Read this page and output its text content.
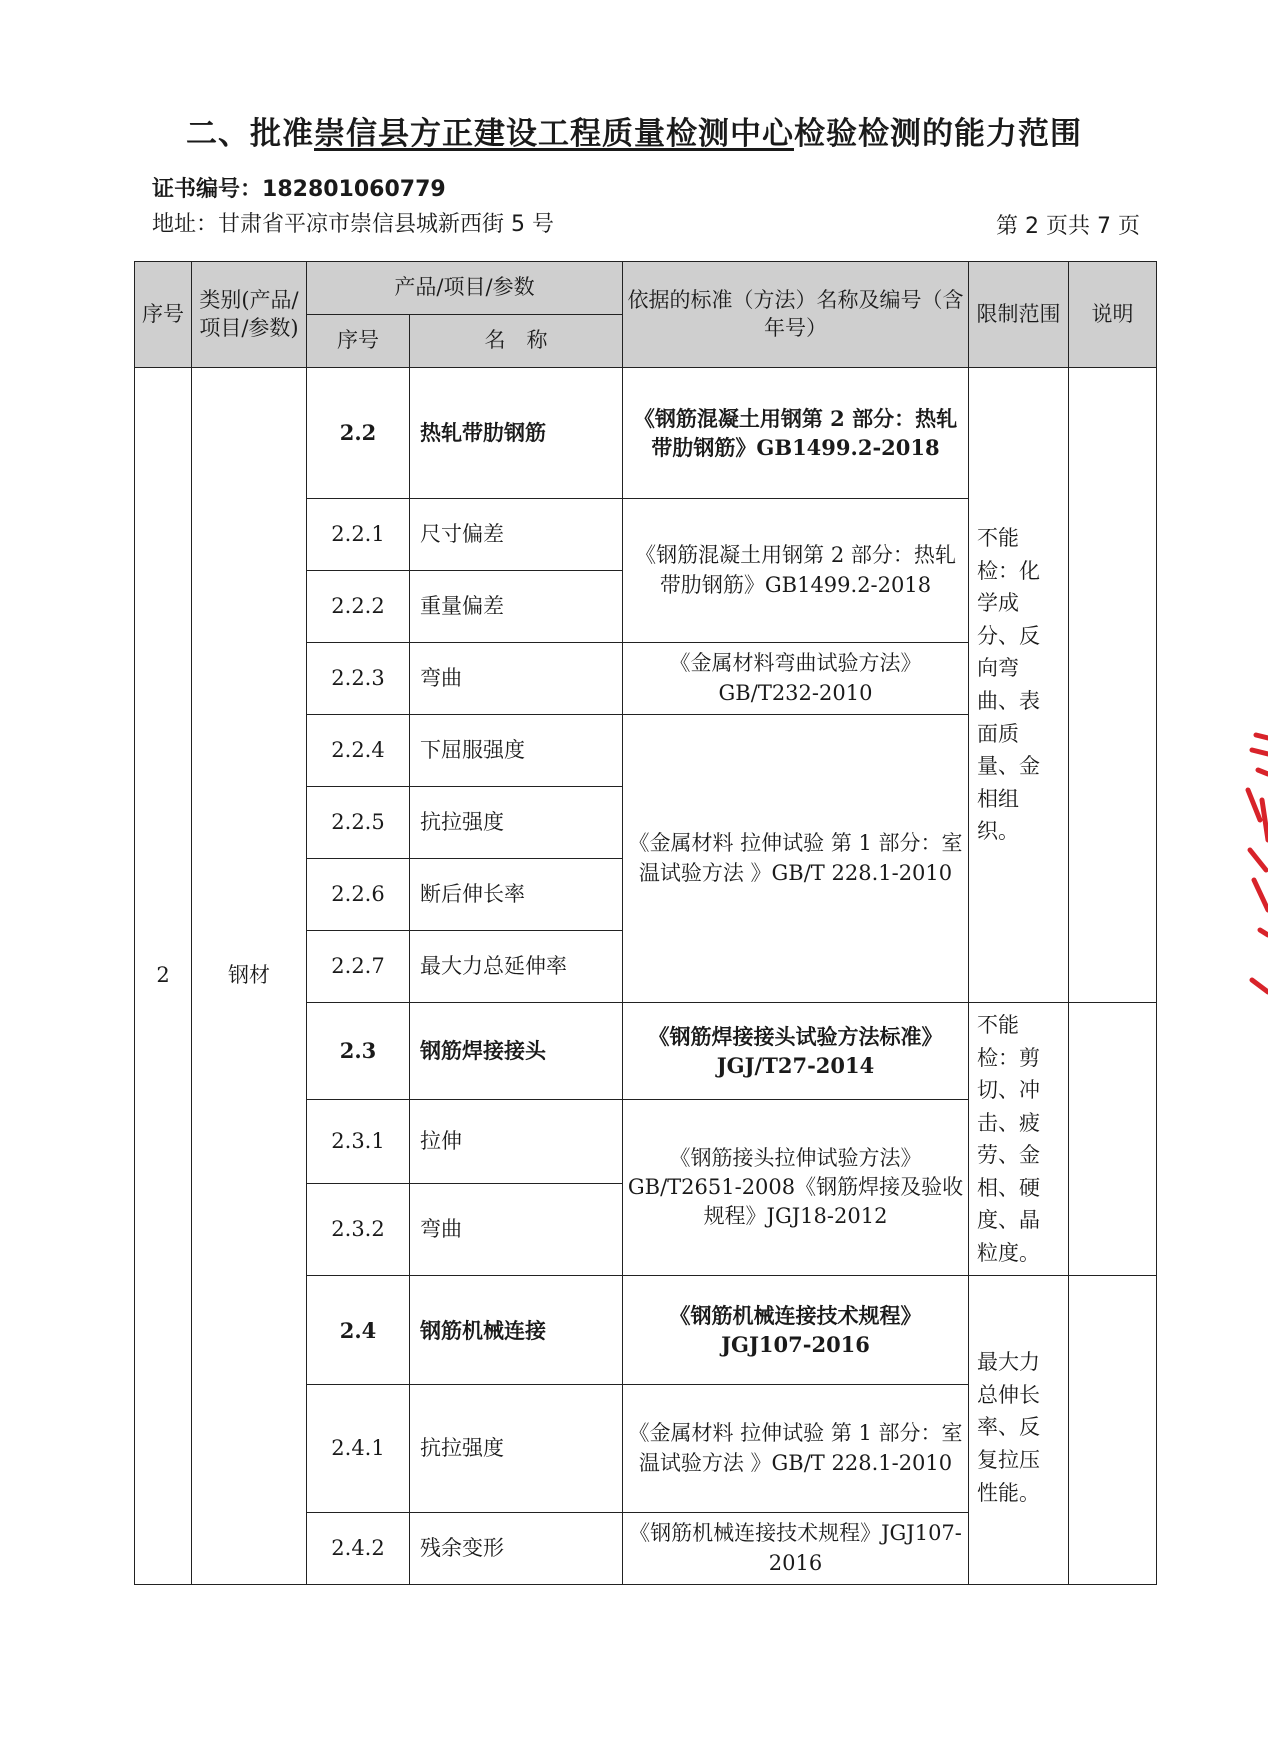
二、批准崇信县方正建设工程质量检测中心检验检测的能力范围
证书编号：182801060779
地址：甘肃省平凉市崇信县城新西街 5 号	第 2 页共 7 页
序号	类别(产品/项目/参数)	产品/项目/参数		依据的标准（方法）名称及编号（含年号）	限制范围	说明
		序号	名　称			
2	钢材	2.2	热轧带肋钢筋	《钢筋混凝土用钢第 2 部分：热轧带肋钢筋》GB1499.2-2018	不能检：化学成分、反向弯曲、表面质量、金相组织。	
		2.2.1	尺寸偏差	《钢筋混凝土用钢第 2 部分：热轧带肋钢筋》GB1499.2-2018		
		2.2.2	重量偏差			
		2.2.3	弯曲	《金属材料弯曲试验方法》GB/T232-2010		
		2.2.4	下屈服强度	《金属材料 拉伸试验 第 1 部分：室温试验方法 》GB/T 228.1-2010		
		2.2.5	抗拉强度			
		2.2.6	断后伸长率			
		2.2.7	最大力总延伸率			
		2.3	钢筋焊接接头	《钢筋焊接接头试验方法标准》JGJ/T27-2014	不能检：剪切、冲击、疲劳、金相、硬度、晶粒度。	
		2.3.1	拉伸	《钢筋接头拉伸试验方法》GB/T2651-2008《钢筋焊接及验收规程》JGJ18-2012		
		2.3.2	弯曲			
		2.4	钢筋机械连接	《钢筋机械连接技术规程》JGJ107-2016	最大力总伸长率、反复拉压性能。	
		2.4.1	抗拉强度	《金属材料 拉伸试验 第 1 部分：室温试验方法 》GB/T 228.1-2010		
		2.4.2	残余变形	《钢筋机械连接技术规程》JGJ107-2016		
